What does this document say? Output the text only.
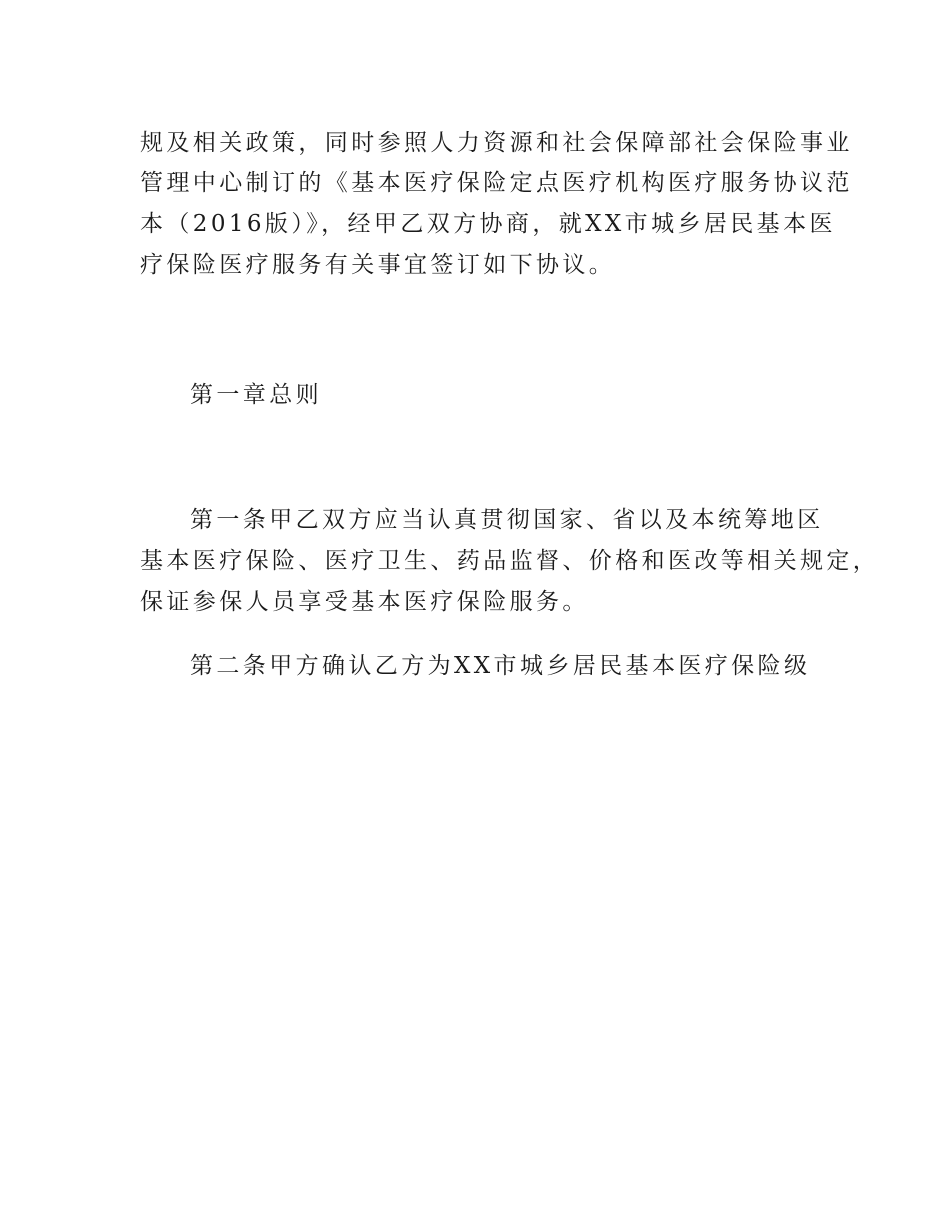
规及相关政策，同时参照人力资源和社会保障部社会保险事业
管理中心制订的《基本医疗保险定点医疗机构医疗服务协议范
本（2016版）》，经甲乙双方协商，就XX市城乡居民基本医
疗保险医疗服务有关事宜签订如下协议。
第一章总则
第一条甲乙双方应当认真贯彻国家、省以及本统筹地区
基本医疗保险、医疗卫生、药品监督、价格和医改等相关规定，
保证参保人员享受基本医疗保险服务。
第二条甲方确认乙方为XX市城乡居民基本医疗保险级
